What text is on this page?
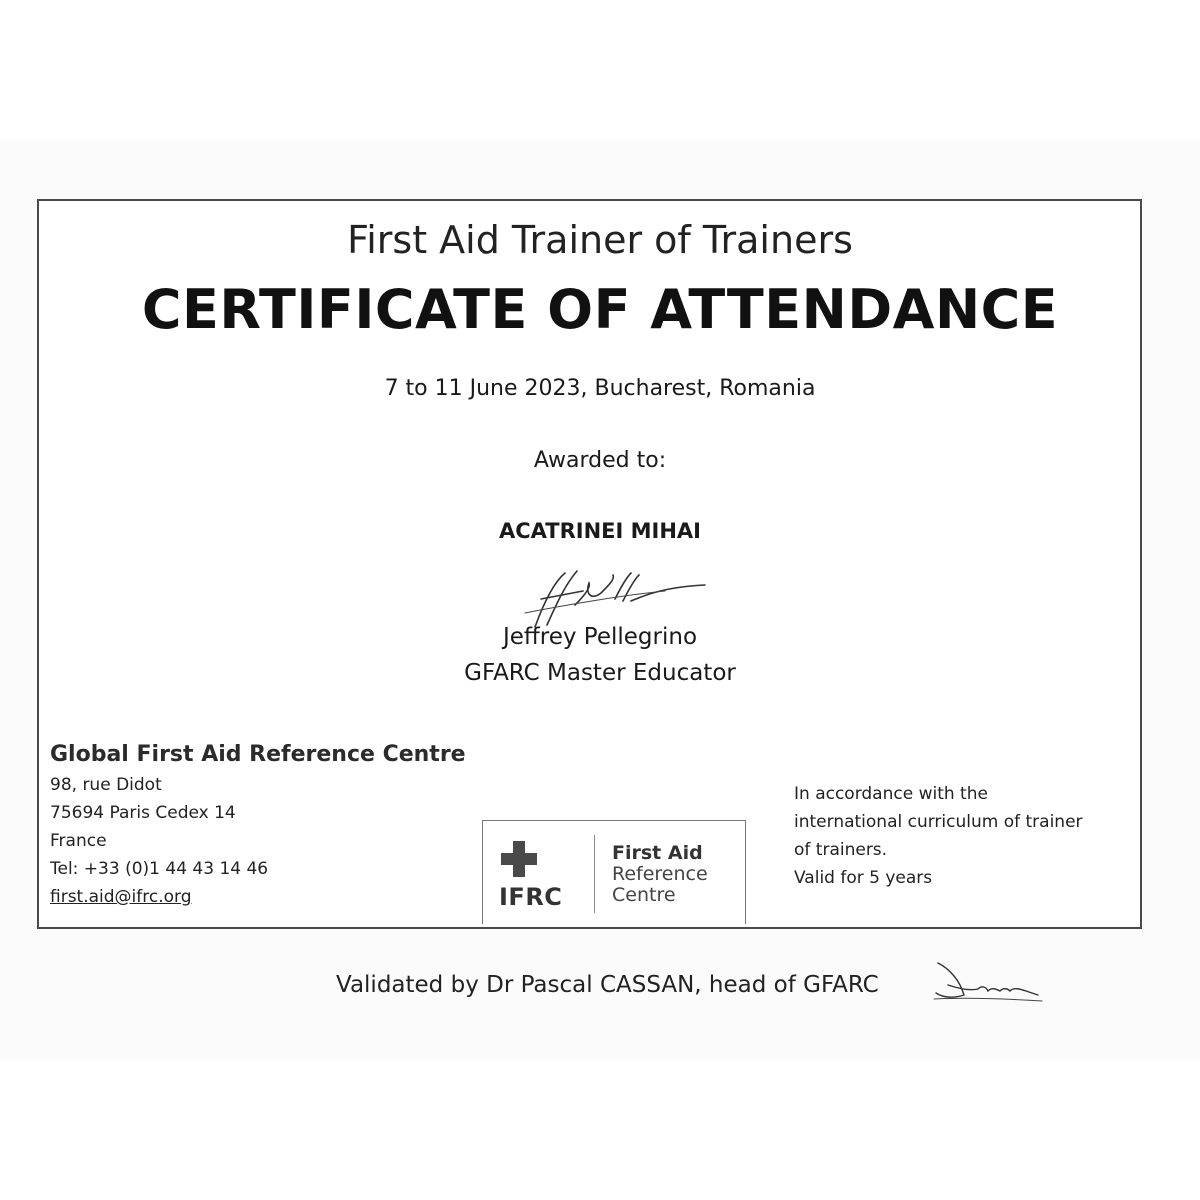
First Aid Trainer of Trainers
CERTIFICATE OF ATTENDANCE
7 to 11 June 2023, Bucharest, Romania
Awarded to:
ACATRINEI MIHAI
Jeffrey Pellegrino
GFARC Master Educator
Global First Aid Reference Centre
98, rue Didot
75694 Paris Cedex 14
France
Tel: +33 (0)1 44 43 14 46
first.aid@ifrc.org	IFRC
First Aid
Reference
Centre
In accordance with the
international curriculum of trainer
of trainers.
Valid for 5 years
Validated by Dr Pascal CASSAN, head of GFARC
